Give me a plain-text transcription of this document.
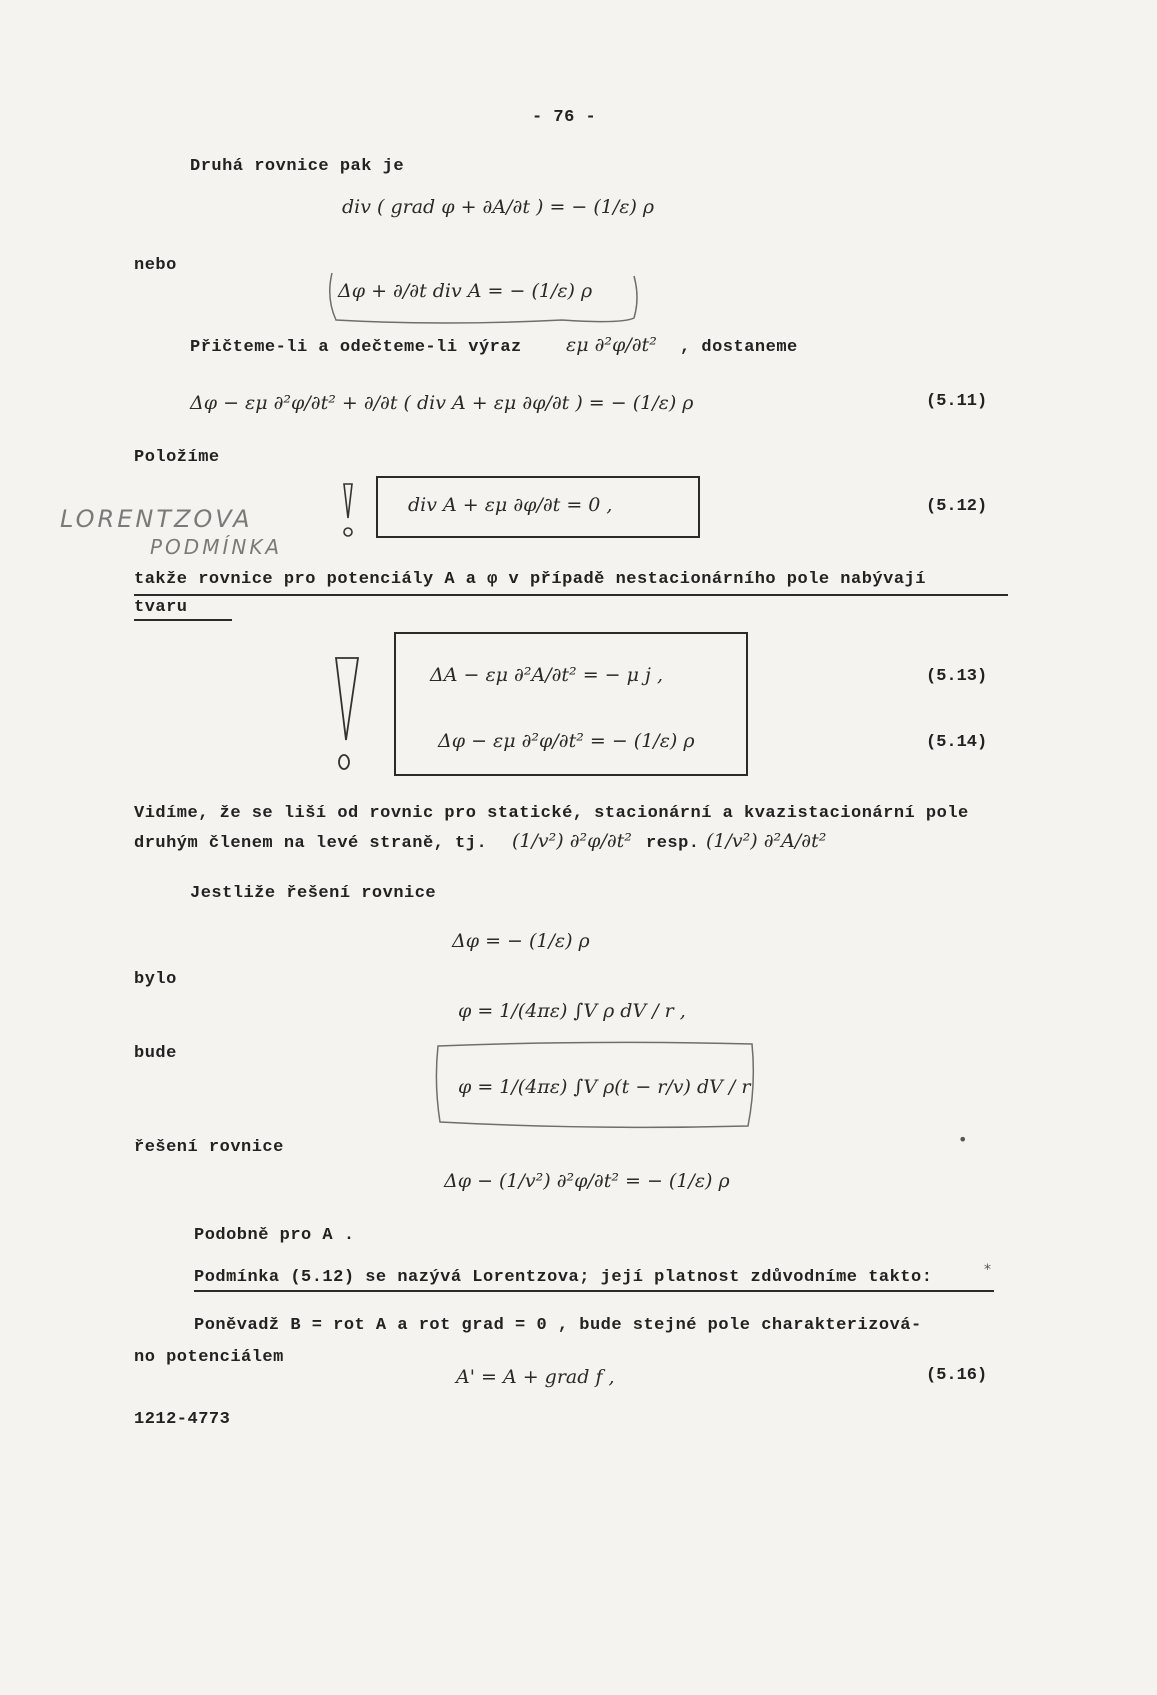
- 76 -
Druhá rovnice pak je
div ( grad φ + ∂A/∂t ) = − (1/ε) ρ
nebo
Δφ + ∂/∂t div A = − (1/ε) ρ
Přičteme-li a odečteme-li výraz εμ ∂²φ/∂t² , dostaneme
Δφ − εμ ∂²φ/∂t² + ∂/∂t ( div A + εμ ∂φ/∂t ) = − (1/ε) ρ	(5.11)
Položíme
LORENTZOVA
PODMÍNKA
div A + εμ ∂φ/∂t = 0 ,	(5.12)
takže rovnice pro potenciály A a φ v případě nestacionárního pole nabývají
tvaru
ΔA − εμ ∂²A/∂t² = − μ j ,	(5.13)
Δφ − εμ ∂²φ/∂t² = − (1/ε) ρ	(5.14)
Vidíme, že se liší od rovnic pro statické, stacionární a kvazistacionární pole
druhým členem na levé straně, tj. (1/v²) ∂²φ/∂t² resp. (1/v²) ∂²A/∂t²
Jestliže řešení rovnice
Δφ = − (1/ε) ρ
bylo
φ = 1/(4πε) ∫V ρ dV / r ,
bude
φ = 1/(4πε) ∫V ρ(t − r/v) dV / r
řešení rovnice	•
Δφ − (1/v²) ∂²φ/∂t² = − (1/ε) ρ
Podobně pro A .
Podmínka (5.12) se nazývá Lorentzova; její platnost zdůvodníme takto:	*
Poněvadž B = rot A a rot grad = 0 , bude stejné pole charakterizová-
no potenciálem
A' = A + grad f ,	(5.16)
1212-4773
